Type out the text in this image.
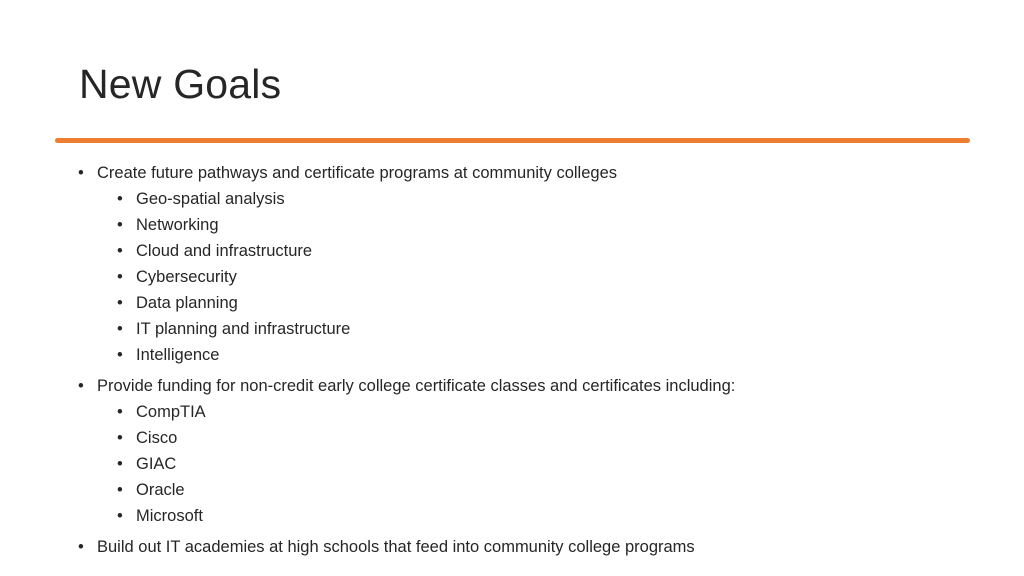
New Goals
• Create future pathways and certificate programs at community colleges
• Geo-spatial analysis
• Networking
• Cloud and infrastructure
• Cybersecurity
• Data planning
• IT planning and infrastructure
• Intelligence
• Provide funding for non-credit early college certificate classes and certificates including:
• CompTIA
• Cisco
• GIAC
• Oracle
• Microsoft
• Build out IT academies at high schools that feed into community college programs
